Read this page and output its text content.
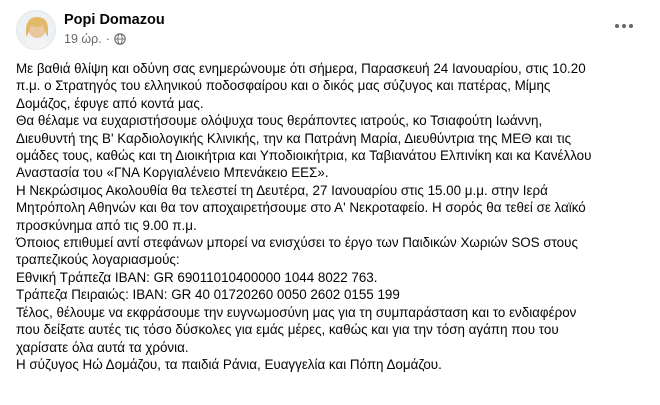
Popi Domazou
19 ώρ. ·

Με βαθιά θλίψη και οδύνη σας ενημερώνουμε ότι σήμερα, Παρασκευή 24 Ιανουαρίου, στις 10.20

π.μ. ο Στρατηγός του ελληνικού ποδοσφαίρου και ο δικός μας σύζυγος και πατέρας, Μίμης

Δομάζος, έφυγε από κοντά μας.

Θα θέλαμε να ευχαριστήσουμε ολόψυχα τους θεράποντες ιατρούς, κο Τσιαφούτη Ιωάννη,

Διευθυντή της Β' Καρδιολογικής Κλινικής, την κα Πατράνη Μαρία, Διευθύντρια της ΜΕΘ και τις

ομάδες τους, καθώς και τη Διοικήτρια και Υποδιοικήτρια, κα Ταβιανάτου Ελπινίκη και κα Κανέλλου

Αναστασία του «ΓΝΑ Κοργιαλένειο Μπενάκειο ΕΕΣ».

Η Νεκρώσιμος Ακολουθία θα τελεστεί τη Δευτέρα, 27 Ιανουαρίου στις 15.00 μ.μ. στην Ιερά

Μητρόπολη Αθηνών και θα τον αποχαιρετήσουμε στο Α' Νεκροταφείο. Η σορός θα τεθεί σε λαϊκό

προσκύνημα από τις 9.00 π.μ.

Όποιος επιθυμεί αντί στεφάνων μπορεί να ενισχύσει το έργο των Παιδικών Χωριών SOS στους

τραπεζικούς λογαριασμούς:

Εθνική Τράπεζα IBAN: GR 69011010400000 1044 8022 763.

Τράπεζα Πειραιώς: IBAN: GR 40 01720260 0050 2602 0155 199

Τέλος, θέλουμε να εκφράσουμε την ευγνωμοσύνη μας για τη συμπαράσταση και το ενδιαφέρον

που δείξατε αυτές τις τόσο δύσκολες για εμάς μέρες, καθώς και για την τόση αγάπη που του

χαρίσατε όλα αυτά τα χρόνια.

Η σύζυγος Ηώ Δομάζου, τα παιδιά Ράνια, Ευαγγελία και Πόπη Δομάζου.
